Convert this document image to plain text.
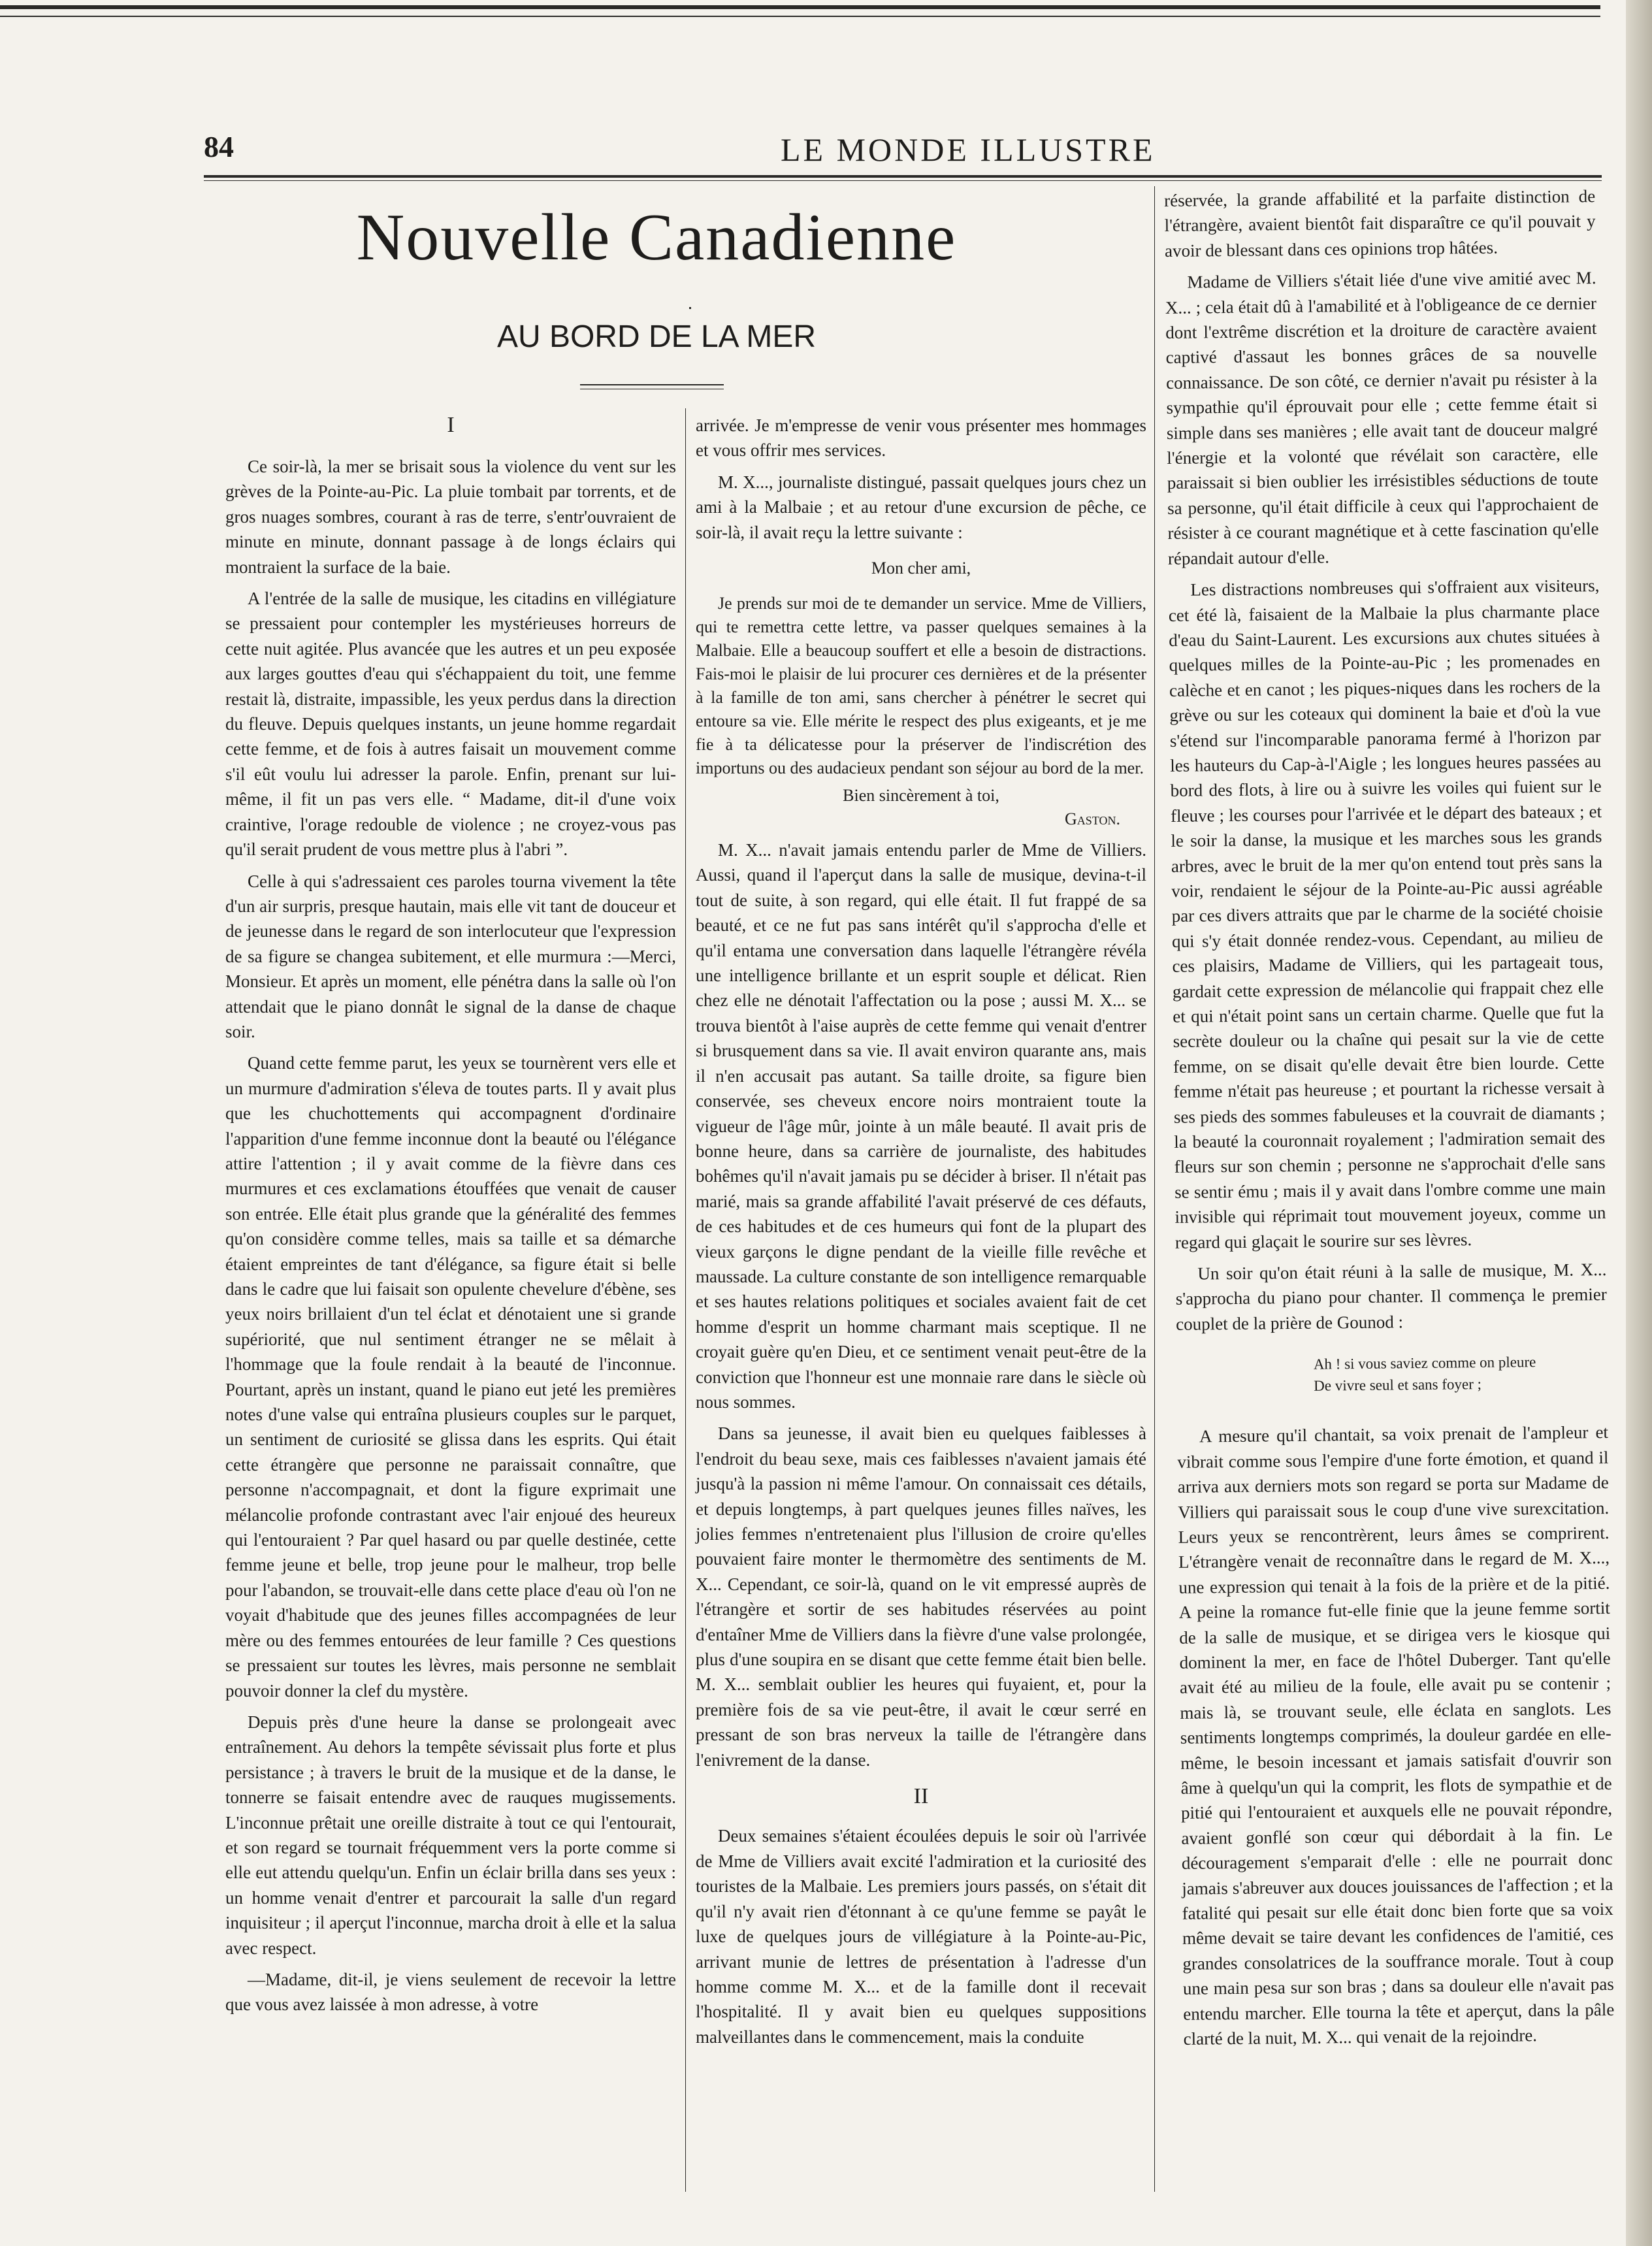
84	LE MONDE ILLUSTRE
Nouvelle Canadienne
AU BORD DE LA MER
I

Ce soir-là, la mer se brisait sous la violence du vent sur les grèves de la Pointe-au-Pic. La pluie tombait par torrents, et de gros nuages sombres, courant à ras de terre, s'entr'ouvraient de minute en minute, donnant passage à de longs éclairs qui montraient la surface de la baie.

A l'entrée de la salle de musique, les citadins en villégiature se pressaient pour contempler les mystérieuses horreurs de cette nuit agitée. Plus avancée que les autres et un peu exposée aux larges gouttes d'eau qui s'échappaient du toit, une femme restait là, distraite, impassible, les yeux perdus dans la direction du fleuve. Depuis quelques instants, un jeune homme regardait cette femme, et de fois à autres faisait un mouvement comme s'il eût voulu lui adresser la parole. Enfin, prenant sur lui-même, il fit un pas vers elle. “ Madame, dit-il d'une voix craintive, l'orage redouble de violence ; ne croyez-vous pas qu'il serait prudent de vous mettre plus à l'abri ”.

Celle à qui s'adressaient ces paroles tourna vivement la tête d'un air surpris, presque hautain, mais elle vit tant de douceur et de jeunesse dans le regard de son interlocuteur que l'expression de sa figure se changea subitement, et elle murmura :—Merci, Monsieur. Et après un moment, elle pénétra dans la salle où l'on attendait que le piano donnât le signal de la danse de chaque soir.

Quand cette femme parut, les yeux se tournèrent vers elle et un murmure d'admiration s'éleva de toutes parts. Il y avait plus que les chuchottements qui accompagnent d'ordinaire l'apparition d'une femme inconnue dont la beauté ou l'élégance attire l'attention ; il y avait comme de la fièvre dans ces murmures et ces exclamations étouffées que venait de causer son entrée. Elle était plus grande que la généralité des femmes qu'on considère comme telles, mais sa taille et sa démarche étaient empreintes de tant d'élégance, sa figure était si belle dans le cadre que lui faisait son opulente chevelure d'ébène, ses yeux noirs brillaient d'un tel éclat et dénotaient une si grande supériorité, que nul sentiment étranger ne se mêlait à l'hommage que la foule rendait à la beauté de l'inconnue. Pourtant, après un instant, quand le piano eut jeté les premières notes d'une valse qui entraîna plusieurs couples sur le parquet, un sentiment de curiosité se glissa dans les esprits. Qui était cette étrangère que personne ne paraissait connaître, que personne n'accompagnait, et dont la figure exprimait une mélancolie profonde contrastant avec l'air enjoué des heureux qui l'entouraient ? Par quel hasard ou par quelle destinée, cette femme jeune et belle, trop jeune pour le malheur, trop belle pour l'abandon, se trouvait-elle dans cette place d'eau où l'on ne voyait d'habitude que des jeunes filles accompagnées de leur mère ou des femmes entourées de leur famille ? Ces questions se pressaient sur toutes les lèvres, mais personne ne semblait pouvoir donner la clef du mystère.

Depuis près d'une heure la danse se prolongeait avec entraînement. Au dehors la tempête sévissait plus forte et plus persistance ; à travers le bruit de la musique et de la danse, le tonnerre se faisait entendre avec de rauques mugissements. L'inconnue prêtait une oreille distraite à tout ce qui l'entourait, et son regard se tournait fréquemment vers la porte comme si elle eut attendu quelqu'un. Enfin un éclair brilla dans ses yeux : un homme venait d'entrer et parcourait la salle d'un regard inquisiteur ; il aperçut l'inconnue, marcha droit à elle et la salua avec respect.

—Madame, dit-il, je viens seulement de recevoir la lettre que vous avez laissée à mon adresse, à votre

arrivée. Je m'empresse de venir vous présenter mes hommages et vous offrir mes services.

M. X..., journaliste distingué, passait quelques jours chez un ami à la Malbaie ; et au retour d'une excursion de pêche, ce soir-là, il avait reçu la lettre suivante :

Mon cher ami,

Je prends sur moi de te demander un service. Mme de Villiers, qui te remettra cette lettre, va passer quelques semaines à la Malbaie. Elle a beaucoup souffert et elle a besoin de distractions. Fais-moi le plaisir de lui procurer ces dernières et de la présenter à la famille de ton ami, sans chercher à pénétrer le secret qui entoure sa vie. Elle mérite le respect des plus exigeants, et je me fie à ta délicatesse pour la préserver de l'indiscrétion des importuns ou des audacieux pendant son séjour au bord de la mer.

Bien sincèrement à toi,

Gaston.

M. X... n'avait jamais entendu parler de Mme de Villiers. Aussi, quand il l'aperçut dans la salle de musique, devina-t-il tout de suite, à son regard, qui elle était. Il fut frappé de sa beauté, et ce ne fut pas sans intérêt qu'il s'approcha d'elle et qu'il entama une conversation dans laquelle l'étrangère révéla une intelligence brillante et un esprit souple et délicat. Rien chez elle ne dénotait l'affectation ou la pose ; aussi M. X... se trouva bientôt à l'aise auprès de cette femme qui venait d'entrer si brusquement dans sa vie. Il avait environ quarante ans, mais il n'en accusait pas autant. Sa taille droite, sa figure bien conservée, ses cheveux encore noirs montraient toute la vigueur de l'âge mûr, jointe à un mâle beauté. Il avait pris de bonne heure, dans sa carrière de journaliste, des habitudes bohêmes qu'il n'avait jamais pu se décider à briser. Il n'était pas marié, mais sa grande affabilité l'avait préservé de ces défauts, de ces habitudes et de ces humeurs qui font de la plupart des vieux garçons le digne pendant de la vieille fille revêche et maussade. La culture constante de son intelligence remarquable et ses hautes relations politiques et sociales avaient fait de cet homme d'esprit un homme charmant mais sceptique. Il ne croyait guère qu'en Dieu, et ce sentiment venait peut-être de la conviction que l'honneur est une monnaie rare dans le siècle où nous sommes.

Dans sa jeunesse, il avait bien eu quelques faiblesses à l'endroit du beau sexe, mais ces faiblesses n'avaient jamais été jusqu'à la passion ni même l'amour. On connaissait ces détails, et depuis longtemps, à part quelques jeunes filles naïves, les jolies femmes n'entretenaient plus l'illusion de croire qu'elles pouvaient faire monter le thermomètre des sentiments de M. X... Cependant, ce soir-là, quand on le vit empressé auprès de l'étrangère et sortir de ses habitudes réservées au point d'entaîner Mme de Villiers dans la fièvre d'une valse prolongée, plus d'une soupira en se disant que cette femme était bien belle. M. X... semblait oublier les heures qui fuyaient, et, pour la première fois de sa vie peut-être, il avait le cœur serré en pressant de son bras nerveux la taille de l'étrangère dans l'enivrement de la danse.

II

Deux semaines s'étaient écoulées depuis le soir où l'arrivée de Mme de Villiers avait excité l'admiration et la curiosité des touristes de la Malbaie. Les premiers jours passés, on s'était dit qu'il n'y avait rien d'étonnant à ce qu'une femme se payât le luxe de quelques jours de villégiature à la Pointe-au-Pic, arrivant munie de lettres de présentation à l'adresse d'un homme comme M. X... et de la famille dont il recevait l'hospitalité. Il y avait bien eu quelques suppositions malveillantes dans le commencement, mais la conduite

réservée, la grande affabilité et la parfaite distinction de l'étrangère, avaient bientôt fait disparaître ce qu'il pouvait y avoir de blessant dans ces opinions trop hâtées.

Madame de Villiers s'était liée d'une vive amitié avec M. X... ; cela était dû à l'amabilité et à l'obligeance de ce dernier dont l'extrême discrétion et la droiture de caractère avaient captivé d'assaut les bonnes grâces de sa nouvelle connaissance. De son côté, ce dernier n'avait pu résister à la sympathie qu'il éprouvait pour elle ; cette femme était si simple dans ses manières ; elle avait tant de douceur malgré l'énergie et la volonté que révélait son caractère, elle paraissait si bien oublier les irrésistibles séductions de toute sa personne, qu'il était difficile à ceux qui l'approchaient de résister à ce courant magnétique et à cette fascination qu'elle répandait autour d'elle.

Les distractions nombreuses qui s'offraient aux visiteurs, cet été là, faisaient de la Malbaie la plus charmante place d'eau du Saint-Laurent. Les excursions aux chutes situées à quelques milles de la Pointe-au-Pic ; les promenades en calèche et en canot ; les piques-niques dans les rochers de la grève ou sur les coteaux qui dominent la baie et d'où la vue s'étend sur l'incomparable panorama fermé à l'horizon par les hauteurs du Cap-à-l'Aigle ; les longues heures passées au bord des flots, à lire ou à suivre les voiles qui fuient sur le fleuve ; les courses pour l'arrivée et le départ des bateaux ; et le soir la danse, la musique et les marches sous les grands arbres, avec le bruit de la mer qu'on entend tout près sans la voir, rendaient le séjour de la Pointe-au-Pic aussi agréable par ces divers attraits que par le charme de la société choisie qui s'y était donnée rendez-vous. Cependant, au milieu de ces plaisirs, Madame de Villiers, qui les partageait tous, gardait cette expression de mélancolie qui frappait chez elle et qui n'était point sans un certain charme. Quelle que fut la secrète douleur ou la chaîne qui pesait sur la vie de cette femme, on se disait qu'elle devait être bien lourde. Cette femme n'était pas heureuse ; et pourtant la richesse versait à ses pieds des sommes fabuleuses et la couvrait de diamants ; la beauté la couronnait royalement ; l'admiration semait des fleurs sur son chemin ; personne ne s'approchait d'elle sans se sentir ému ; mais il y avait dans l'ombre comme une main invisible qui réprimait tout mouvement joyeux, comme un regard qui glaçait le sourire sur ses lèvres.

Un soir qu'on était réuni à la salle de musique, M. X... s'approcha du piano pour chanter. Il commença le premier couplet de la prière de Gounod :

Ah ! si vous saviez comme on pleure
De vivre seul et sans foyer ;

A mesure qu'il chantait, sa voix prenait de l'ampleur et vibrait comme sous l'empire d'une forte émotion, et quand il arriva aux derniers mots son regard se porta sur Madame de Villiers qui paraissait sous le coup d'une vive surexcitation. Leurs yeux se rencontrèrent, leurs âmes se comprirent. L'étrangère venait de reconnaître dans le regard de M. X..., une expression qui tenait à la fois de la prière et de la pitié. A peine la romance fut-elle finie que la jeune femme sortit de la salle de musique, et se dirigea vers le kiosque qui dominent la mer, en face de l'hôtel Duberger. Tant qu'elle avait été au milieu de la foule, elle avait pu se contenir ; mais là, se trouvant seule, elle éclata en sanglots. Les sentiments longtemps comprimés, la douleur gardée en elle-même, le besoin incessant et jamais satisfait d'ouvrir son âme à quelqu'un qui la comprit, les flots de sympathie et de pitié qui l'entouraient et auxquels elle ne pouvait répondre, avaient gonflé son cœur qui débordait à la fin. Le découragement s'emparait d'elle : elle ne pourrait donc jamais s'abreuver aux douces jouissances de l'affection ; et la fatalité qui pesait sur elle était donc bien forte que sa voix même devait se taire devant les confidences de l'amitié, ces grandes consolatrices de la souffrance morale. Tout à coup une main pesa sur son bras ; dans sa douleur elle n'avait pas entendu marcher. Elle tourna la tête et aperçut, dans la pâle clarté de la nuit, M. X... qui venait de la rejoindre.
